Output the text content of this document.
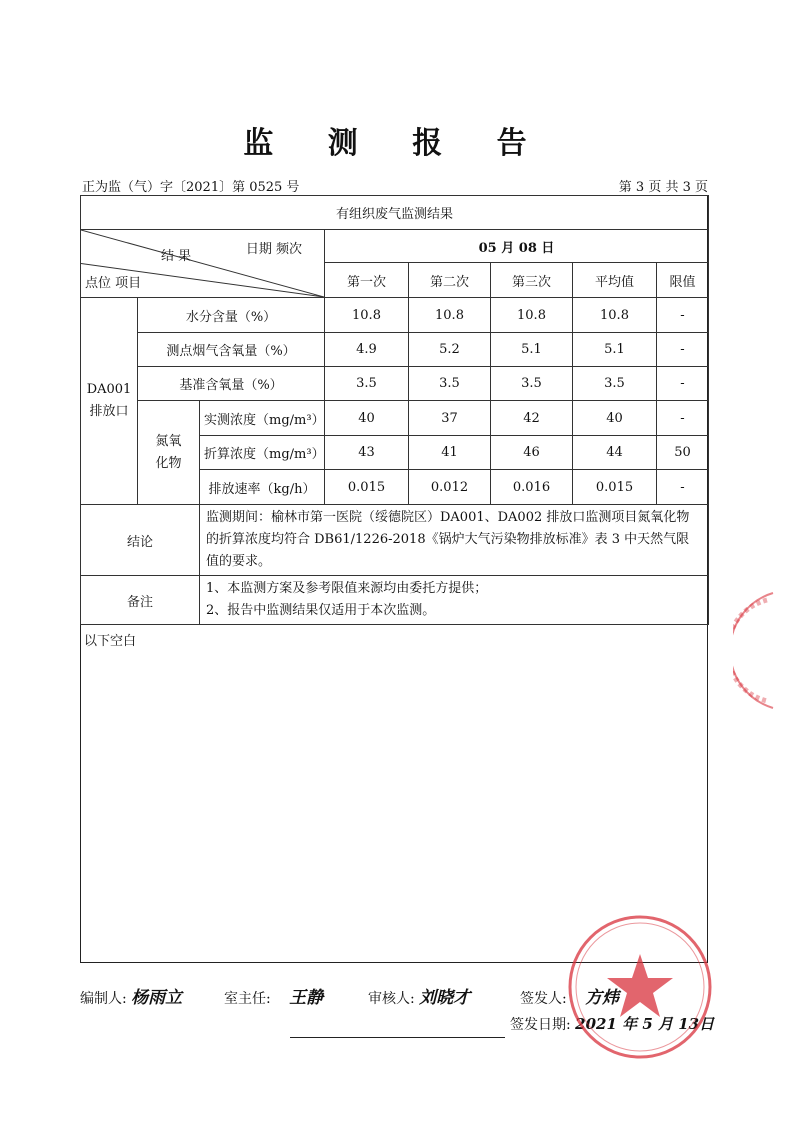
监 测 报 告
正为监（气）字〔2021〕第 0525 号	第 3 页 共 3 页
有组织废气监测结果							

日期 频次
结 果
点位 项目			05 月 08 日				
			第一次	第二次	第三次	平均值	限值
DA001
排放口	水分含量（%）		10.8	10.8	10.8	10.8	-
	测点烟气含氧量（%）		4.9	5.2	5.1	5.1	-
	基准含氧量（%）		3.5	3.5	3.5	3.5	-
	氮氧
化物	实测浓度（mg/m³）	40	37	42	40	-
		折算浓度（mg/m³）	43	41	46	44	50
		排放速率（kg/h）	0.015	0.012	0.016	0.015	-
结论		监测期间：榆林市第一医院（绥德院区）DA001、DA002 排放口监测项目氮氧化物的折算浓度均符合 DB61/1226-2018《锅炉大气污染物排放标准》表 3 中天然气限值的要求。					
备注		1、本监测方案及参考限值来源均由委托方提供；
2、报告中监测结果仅适用于本次监测。					
以下空白
编制人: 杨雨立	室主任: 王静	审核人: 刘晓才	签发人: 方炜
签发日期: 2021 年 5 月 13日
